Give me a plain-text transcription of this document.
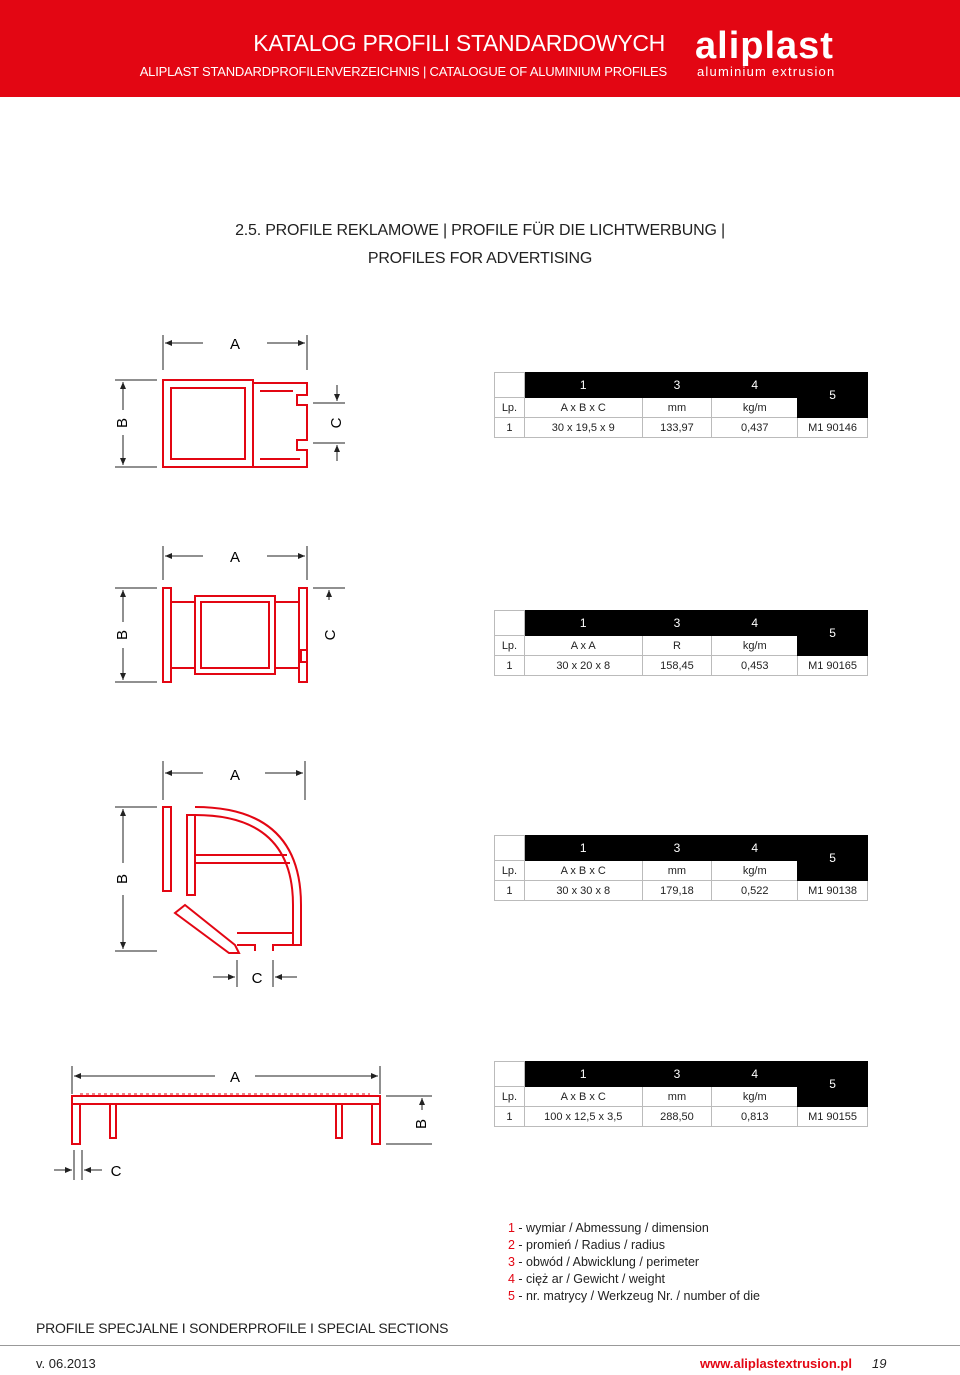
KATALOG PROFILI STANDARDOWYCH
ALIPLAST STANDARDPROFILENVERZEICHNIS | CATALOGUE OF ALUMINIUM PROFILES
aliplast
aluminium extrusion
2.5. PROFILE REKLAMOWE | PROFILE FÜR DIE LICHTWERBUNG |
PROFILES FOR ADVERTISING
A
B	C
	1	3	4	5
Lp.	A x B x C	mm	kg/m	
1	30 x 19,5 x 9	133,97	0,437	M1 90146
A
B	C
	1	3	4	5
Lp.	A x A	R	kg/m	
1	30 x 20 x 8	158,45	0,453	M1 90165
A
B
C
	1	3	4	5
Lp.	A x B x C	mm	kg/m	
1	30 x 30 x 8	179,18	0,522	M1 90138
A
B
C
	1	3	4	5
Lp.	A x B x C	mm	kg/m	
1	100 x 12,5 x 3,5	288,50	0,813	M1 90155
1 - wymiar / Abmessung / dimension
2 - promień / Radius / radius
3 - obwód / Abwicklung / perimeter
4 - cięż ar / Gewicht / weight
5 - nr. matrycy / Werkzeug Nr. / number of die
PROFILE SPECJALNE I SONDERPROFILE I SPECIAL SECTIONS
v. 06.2013	www.aliplastextrusion.pl 19
